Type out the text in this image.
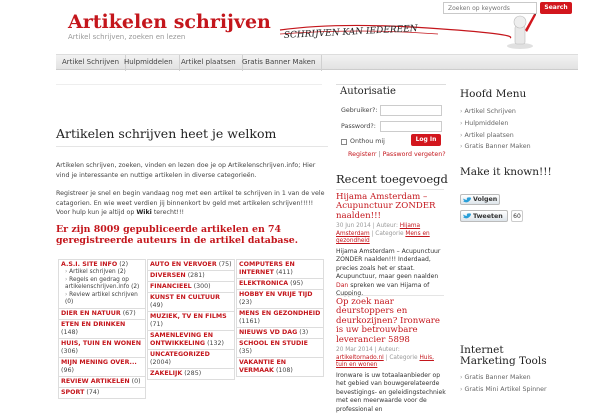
Artikelen schrijven
Artikel schrijven, zoeken en lezen	SCHRIJVEN KAN IEDEREEN
Artikel Schrijven Hulpmiddelen	Artikel plaatsen Gratis Banner Maken
Zoeken op keywords
Search
Artikelen schrijven heet je welkom
Artikelen schrijven, zoeken, vinden en lezen doe je op Artikelenschrijven.info; Hier vind je interessante en nuttige artikelen in diverse categorieën.
Registreer je snel en begin vandaag nog met een artikel te schrijven in 1 van de vele catagorien. En wie weet verdien jij binnenkort bv geld met artikelen schrijven!!!!! Voor hulp kun je altijd op Wiki terecht!!!
Er zijn 8009 gepubliceerde artikelen en 74 geregistreerde auteurs in de artikel database.
A.S.I. SITE INFO (2)
› Artikel schrijven (2)
› Regels en gedrag op artikelenschrijven.info (2)
› Review artikel schrijven (0)
DIER EN NATUUR (67)
ETEN EN DRINKEN (148)
HUIS, TUIN EN WONEN (306)
MIJN MENING OVER... (96)
REVIEW ARTIKELEN (0)
SPORT (74)
AUTO EN VERVOER (75)
DIVERSEN (281)
FINANCIEEL (300)
KUNST EN CULTUUR (49)
MUZIEK, TV EN FILMS (71)
SAMENLEVING EN ONTWIKKELING (132)
UNCATEGORIZED (2004)
ZAKELIJK (285)
COMPUTERS EN INTERNET (411)
ELEKTRONICA (95)
HOBBY EN VRIJE TIJD (23)
MENS EN GEZONDHEID (1161)
NIEUWS VD DAG (3)
SCHOOL EN STUDIE (35)
VAKANTIE EN VERMAAK (108)
Autorisatie
Gebruiker?:
Password?:
Onthou mij	Log In
Registerr | Password vergeten?
Recent toegevoegd
Hijama Amsterdam – Acupunctuur ZONDER naalden!!!
30 Jun 2014 | Auteur: Hijama Amsterdam | Categorie Mens en gezondheid
Hijama Amsterdam – Acupunctuur ZONDER naalden!!! Inderdaad, precies zoals het er staat. Acupunctuur, maar geen naalden Dan spreken we van Hijama of Cupping.
Op zoek naar deurstoppers en deurkozijnen? Ironware is uw betrouwbare leverancier 5898
20 Mar 2014 | Auteur: artikeltornado.nl | Categorie Huis, tuin en wonen
Ironware is uw totaalaanbieder op het gebied van bouwgerelateerde bevestigings- en geleidingstechniek met een meerwaarde voor de professional en
Hoofd Menu
› Artikel Schrijven
› Hulpmiddelen
› Artikel plaatsen
› Gratis Banner Maken
Make it known!!!
Volgen
Tweeten	60
Internet Marketing Tools
› Gratis Banner Maken
› Gratis Mini Artikel Spinner
